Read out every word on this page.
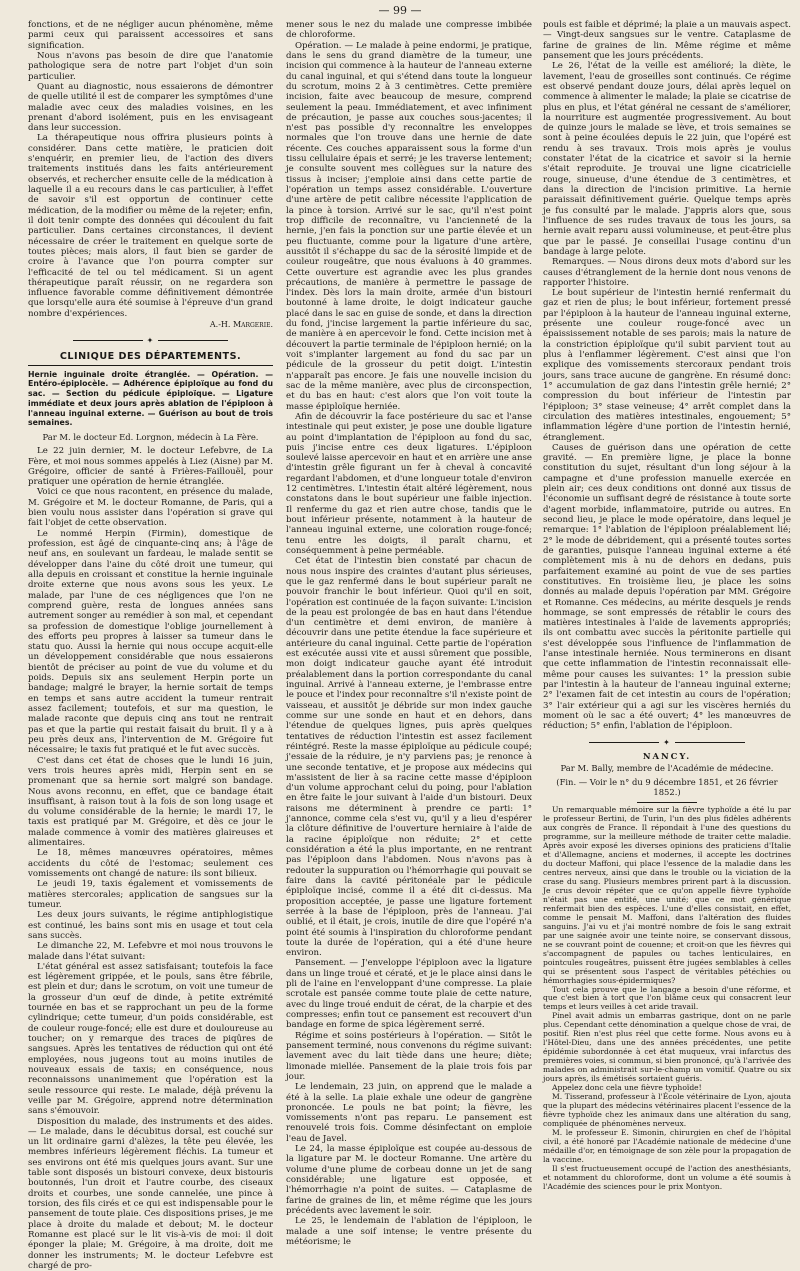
— 99 —

fonctions, et de ne négliger aucun phénomène, même parmi ceux qui paraissent accessoires et sans signification.

Nous n'avons pas besoin de dire que l'anatomie pathologique sera de notre part l'objet d'un soin particulier.

Quant au diagnostic, nous essaierons de démontrer de quelle utilité il est de comparer les symptômes d'une maladie avec ceux des maladies voisines, en les prenant d'abord isolément, puis en les envisageant dans leur succession.

La thérapeutique nous offrira plusieurs points à considérer. Dans cette matière, le praticien doit s'enquérir, en premier lieu, de l'action des divers traitements institués dans les faits antérieurement observés, et rechercher ensuite celle de la médication à laquelle il a eu recours dans le cas particulier, à l'effet de savoir s'il est opportun de continuer cette médication, de la modifier ou même de la rejeter; enfin, il doit tenir compte des données qui découlent du fait particulier. Dans certaines circonstances, il devient nécessaire de créer le traitement en quelque sorte de toutes pièces; mais alors, il faut bien se garder de croire à l'avance que l'on pourra compter sur l'efficacité de tel ou tel médicament. Si un agent thérapeutique paraît réussir, on ne regardera son influence favorable comme définitivement démontrée que lorsqu'elle aura été soumise à l'épreuve d'un grand nombre d'expériences.

A.-H. Margerie.
✦
CLINIQUE DES DÉPARTEMENTS.
Hernie inguinale droite étranglée. — Opération. — Entéro-épiplocèle. — Adhérence épiploïque au fond du sac. — Section du pédicule épiploïque. — Ligature immédiate et deux jours après ablation de l'épiploon à l'anneau inguinal externe. — Guérison au bout de trois semaines.
Par M. le docteur Ed. Lorgnon, médecin à La Fère.

Le 22 juin dernier, M. le docteur Lefebvre, de La Fère, et moi nous sommes appelés à Liez (Aisne) par M. Grégoire, officier de santé à Frières-Faillouël, pour pratiquer une opération de hernie étranglée.

Voici ce que nous racontent, en présence du malade, M. Grégoire et M. le docteur Romanne, de Paris, qui a bien voulu nous assister dans l'opération si grave qui fait l'objet de cette observation.

Le nommé Herpin (Firmin), domestique de profession, est âgé de cinquante-cinq ans; à l'âge de neuf ans, en soulevant un fardeau, le malade sentit se développer dans l'aine du côté droit une tumeur, qui alla depuis en croissant et constitue la hernie inguinale droite externe que nous avons sous les yeux. Le malade, par l'une de ces négligences que l'on ne comprend guère, resta de longues années sans autrement songer au remédier à son mal, et cependant sa profession de domestique l'oblige journellement à des efforts peu propres à laisser sa tumeur dans le statu quo. Aussi la hernie qui nous occupe acquit-elle un développement considérable que nous essaierons bientôt de préciser au point de vue du volume et du poids. Depuis six ans seulement Herpin porte un bandage; malgré le brayer, la hernie sortait de temps en temps et sans autre accident la tumeur rentrait assez facilement; toutefois, et sur ma question, le malade raconte que depuis cinq ans tout ne rentrait pas et que la partie qui restait faisait du bruit. Il y a à peu près deux ans, l'intervention de M. Grégoire fut nécessaire; le taxis fut pratiqué et le fut avec succès.

C'est dans cet état de choses que le lundi 16 juin, vers trois heures après midi, Herpin sent en se promenant que sa hernie sort malgré son bandage. Nous avons reconnu, en effet, que ce bandage était insuffisant, à raison tout à la fois de son long usage et du volume considérable de la hernie; le mardi 17, le taxis est pratiqué par M. Grégoire, et dès ce jour le malade commence à vomir des matières glaireuses et alimentaires.

Le 18, mêmes manœuvres opératoires, mêmes accidents du côté de l'estomac; seulement ces vomissements ont changé de nature: ils sont bilieux.

Le jeudi 19, taxis également et vomissements de matières stercorales; application de sangsues sur la tumeur.

Les deux jours suivants, le régime antiphlogistique est continué, les bains sont mis en usage et tout cela sans succès.

Le dimanche 22, M. Lefebvre et moi nous trouvons le malade dans l'état suivant:

L'état général est assez satisfaisant; toutefois la face est légèrement grippée, et le pouls, sans être fébrile, est plein et dur; dans le scrotum, on voit une tumeur de la grosseur d'un œuf de dinde, à petite extrémité tournée en bas et se rapprochant un peu de la forme cylindrique; cette tumeur, d'un poids considérable, est de couleur rouge-foncé; elle est dure et douloureuse au toucher; on y remarque des traces de piqûres de sangsues. Après les tentatives de réduction qui ont été employées, nous jugeons tout au moins inutiles de nouveaux essais de taxis; en conséquence, nous reconnaissons unanimement que l'opération est la seule ressource qui reste. Le malade, déjà prévenu la veille par M. Grégoire, apprend notre détermination sans s'émouvoir.

Disposition du malade, des instruments et des aides. — Le malade, dans le décubitus dorsal, est couché sur un lit ordinaire garni d'alèzes, la tête peu élevée, les membres inférieurs légèrement fléchis. La tumeur et ses environs ont été mis quelques jours avant. Sur une table sont disposés un bistouri convexe, deux bistouris boutonnés, l'un droit et l'autre courbe, des ciseaux droits et courbes, une sonde cannelée, une pince à torsion, des fils cirés et ce qui est indispensable pour le pansement de toute plaie. Ces dispositions prises, je me place à droite du malade et debout; M. le docteur Romanne est placé sur le lit vis-à-vis de moi: il doit éponger la plaie; M. Grégoire, à ma droite, doit me donner les instruments; M. le docteur Lefebvre est chargé de pro-

mener sous le nez du malade une compresse imbibée de chloroforme.

Opération. — Le malade à peine endormi, je pratique, dans le sens du grand diamètre de la tumeur, une incision qui commence à la hauteur de l'anneau externe du canal inguinal, et qui s'étend dans toute la longueur du scrotum, moins 2 à 3 centimètres. Cette première incision, faite avec beaucoup de mesure, comprend seulement la peau. Immédiatement, et avec infiniment de précaution, je passe aux couches sous-jacentes; il n'est pas possible d'y reconnaître les enveloppes normales que l'on trouve dans une hernie de date récente. Ces couches apparaissent sous la forme d'un tissu cellulaire épais et serré; je les traverse lentement; je consulte souvent mes collègues sur la nature des tissus à inciser; j'emploie ainsi dans cette partie de l'opération un temps assez considérable. L'ouverture d'une artère de petit calibre nécessite l'application de la pince à torsion. Arrivé sur le sac, qu'il n'est point trop difficile de reconnaître, vu l'ancienneté de la hernie, j'en fais la ponction sur une partie élevée et un peu fluctuante, comme pour la ligature d'une artère, aussitôt il s'échappe du sac de la sérosité limpide et de couleur rougeâtre, que nous évaluons à 40 grammes. Cette ouverture est agrandie avec les plus grandes précautions, de manière à permettre le passage de l'index. Dès lors la main droite, armée d'un bistouri boutonné à lame droite, le doigt indicateur gauche placé dans le sac en guise de sonde, et dans la direction du fond, j'incise largement la partie inférieure du sac, de manière à en apercevoir le fond. Cette incision met à découvert la partie terminale de l'épiploon hernié; on la voit s'implanter largement au fond du sac par un pédicule de la grosseur du petit doigt. L'intestin n'apparaît pas encore. Je fais une nouvelle incision du sac de la même manière, avec plus de circonspection, et du bas en haut: c'est alors que l'on voit toute la masse épiploïque herniée.

Afin de découvrir la face postérieure du sac et l'anse intestinale qui peut exister, je pose une double ligature au point d'implantation de l'épiploon au fond du sac, puis j'incise entre ces deux ligatures. L'épiploon soulevé laisse apercevoir en haut et en arrière une anse d'intestin grêle figurant un fer à cheval à concavité regardant l'abdomen, et d'une longueur totale d'environ 12 centimètres. L'intestin était altéré légèrement, nous constatons dans le bout supérieur une faible injection. Il renferme du gaz et rien autre chose, tandis que le bout inférieur présente, notamment à la hauteur de l'anneau inguinal externe, une coloration rouge-foncé; tenu entre les doigts, il paraît charnu, et conséquemment à peine perméable.

Cet état de l'intestin bien constaté par chacun de nous nous inspire des craintes d'autant plus sérieuses, que le gaz renfermé dans le bout supérieur paraît ne pouvoir franchir le bout inférieur. Quoi qu'il en soit, l'opération est continuée de la façon suivante: L'incision de la peau est prolongée de bas en haut dans l'étendue d'un centimètre et demi environ, de manière à découvrir dans une petite étendue la face supérieure et antérieure du canal inguinal. Cette partie de l'opération est exécutée aussi vite et aussi sûrement que possible, mon doigt indicateur gauche ayant été introduit préalablement dans la portion correspondante du canal inguinal. Arrivé à l'anneau externe, je l'embrasse entre le pouce et l'index pour reconnaître s'il n'existe point de vaisseau, et aussitôt je débride sur mon index gauche comme sur une sonde en haut et en dehors, dans l'étendue de quelques lignes, puis après quelques tentatives de réduction l'intestin est assez facilement réintégré. Reste la masse épiploïque au pédicule coupé; j'essaie de la réduire, je n'y parviens pas; je renonce à une seconde tentative, et je propose aux médecins qui m'assistent de lier à sa racine cette masse d'épiploon d'un volume approchant celui du poing, pour l'ablation en être faite le jour suivant à l'aide d'un bistouri. Deux raisons me déterminent à prendre ce parti: 1° j'annonce, comme cela s'est vu, qu'il y a lieu d'espérer la clôture définitive de l'ouverture herniaire à l'aide de la racine épiploïque non réduite; 2° et cette considération a été la plus importante, en ne rentrant pas l'épiploon dans l'abdomen. Nous n'avons pas à redouter la suppuration ou l'hémorrhagie qui pouvait se faire dans la cavité péritonéale par le pédicule épiploïque incisé, comme il a été dit ci-dessus. Ma proposition acceptée, je passe une ligature fortement serrée à la base de l'épiploon, près de l'anneau. J'ai oublié, et il était, je crois, inutile de dire que l'opéré n'a point été soumis à l'inspiration du chloroforme pendant toute la durée de l'opération, qui a été d'une heure environ.

Pansement. — J'enveloppe l'épiploon avec la ligature dans un linge troué et cératé, et je le place ainsi dans le pli de l'aine en l'enveloppant d'une compresse. La plaie scrotale est pansée comme toute plaie de cette nature, avec du linge troué enduit de cérat, de la charpie et des compresses; enfin tout ce pansement est recouvert d'un bandage en forme de spica légèrement serré.

Régime et soins postérieurs à l'opération. — Sitôt le pansement terminé, nous convenons du régime suivant: lavement avec du lait tiède dans une heure; diète; limonade miellée. Pansement de la plaie trois fois par jour.

Le lendemain, 23 juin, on apprend que le malade a été à la selle. La plaie exhale une odeur de gangrène prononcée. Le pouls ne bat point; la fièvre, les vomissements n'ont pas reparu. Le pansement est renouvelé trois fois. Comme désinfectant on emploie l'eau de Javel.

Le 24, la masse épiploïque est coupée au-dessous de la ligature par M. le docteur Romanne. Une artère du volume d'une plume de corbeau donne un jet de sang considérable; une ligature est opposée, et l'hémorrhagie n'a point de suites. — Cataplasme de farine de graines de lin, et même régime que les jours précédents avec lavement le soir.

Le 25, le lendemain de l'ablation de l'épiploon, le malade a une soif intense; le ventre présente du météorisme; le

pouls est faible et déprimé; la plaie a un mauvais aspect. — Vingt-deux sangsues sur le ventre. Cataplasme de farine de graines de lin. Même régime et même pansement que les jours précédents.

Le 26, l'état de la veille est amélioré; la diète, le lavement, l'eau de groseilles sont continués. Ce régime est observé pendant douze jours, délai après lequel on commence à alimenter le malade; la plaie se cicatrise de plus en plus, et l'état général ne cessant de s'améliorer, la nourriture est augmentée progressivement. Au bout de quinze jours le malade se lève, et trois semaines se sont à peine écoulées depuis le 22 juin, que l'opéré est rendu à ses travaux. Trois mois après je voulus constater l'état de la cicatrice et savoir si la hernie s'était reproduite. Je trouvai une ligne cicatricielle rouge, sinueuse, d'une étendue de 3 centimètres, et dans la direction de l'incision primitive. La hernie paraissait définitivement guérie. Quelque temps après je fus consulté par le malade. J'appris alors que, sous l'influence de ses rudes travaux de tous les jours, sa hernie avait reparu aussi volumineuse, et peut-être plus que par le passé. Je conseillai l'usage continu d'un bandage à large pelote.

Remarques. — Nous dirons deux mots d'abord sur les causes d'étranglement de la hernie dont nous venons de rapporter l'histoire.

Le bout supérieur de l'intestin hernié renfermait du gaz et rien de plus; le bout inférieur, fortement pressé par l'épiploon à la hauteur de l'anneau inguinal externe, présente une couleur rouge-foncé avec un épaississement notable de ses parois; mais la nature de la constriction épiploïque qu'il subit parvient tout au plus à l'enflammer légèrement. C'est ainsi que l'on explique des vomissements stercoraux pendant trois jours, sans trace aucune de gangrène. En résumé donc: 1° accumulation de gaz dans l'intestin grêle hernié; 2° compression du bout inférieur de l'intestin par l'épiploon; 3° stase veineuse; 4° arrêt complet dans la circulation des matières intestinales, engouement; 5° inflammation légère d'une portion de l'intestin hernié, étranglement.

Causes de guérison dans une opération de cette gravité. — En première ligne, je place la bonne constitution du sujet, résultant d'un long séjour à la campagne et d'une profession manuelle exercée en plein air; ces deux conditions ont donné aux tissus de l'économie un suffisant degré de résistance à toute sorte d'agent morbide, inflammatoire, putride ou autres. En second lieu, je place le mode opératoire, dans lequel je remarque: 1° l'ablation de l'épiploon préalablement lié; 2° le mode de débridement, qui a présenté toutes sortes de garanties, puisque l'anneau inguinal externe a été complètement mis à nu de dehors en dedans, puis parfaitement examiné au point de vue de ses parties constitutives. En troisième lieu, je place les soins donnés au malade depuis l'opération par MM. Grégoire et Romanne. Ces médecins, au mérite desquels je rends hommage, se sont empressés de rétablir le cours des matières intestinales à l'aide de lavements appropriés; ils ont combattu avec succès la péritonite partielle qui s'est développée sous l'influence de l'inflammation de l'anse intestinale herniée. Nous terminerons en disant que cette inflammation de l'intestin reconnaissait elle-même pour causes les suivantes: 1° la pression subie par l'intestin à la hauteur de l'anneau inguinal externe; 2° l'examen fait de cet intestin au cours de l'opération; 3° l'air extérieur qui a agi sur les viscères herniés du moment où le sac a été ouvert; 4° les manœuvres de réduction; 5° enfin, l'ablation de l'épiploon.

✦
NANCY.
Par M. Bally, membre de l'Académie de médecine.
(Fin. — Voir le n° du 9 décembre 1851, et 26 février 1852.)

Un remarquable mémoire sur la fièvre typhoïde a été lu par le professeur Bertini, de Turin, l'un des plus fidèles adhérents aux congrès de France. Il répondait à l'une des questions du programme, sur la meilleure méthode de traiter cette maladie. Après avoir exposé les diverses opinions des praticiens d'Italie et d'Allemagne, anciens et modernes, il accepte les doctrines du docteur Maffoni, qui place l'essence de la maladie dans les centres nerveux, ainsi que dans le trouble ou la viciation de la crase du sang. Plusieurs membres prirent part à la discussion. Je crus devoir répéter que ce qu'on appelle fièvre typhoïde n'était pas une entité, une unité; que ce mot générique renfermait bien des espèces. L'une d'elles consistait, en effet, comme le pensait M. Maffoni, dans l'altération des fluides sanguins. J'ai vu et j'ai montré nombre de fois le sang extrait par une saignée avoir une teinte noire, se conservant dissous, ne se couvrant point de couenne; et croit-on que les fièvres qui s'accompagnent de papules ou taches lenticulaires, en pointcules rougeâtres, puissent être jugées semblables à celles qui se présentent sous l'aspect de véritables pétéchies ou hémorrhagies sous-épidermiques?

Tout cela prouve que le langage a besoin d'une réforme, et que c'est bien à tort que l'on blâme ceux qui consacrent leur temps et leurs veilles à cet aride travail.

Pinel avait admis un embarras gastrique, dont on ne parle plus. Cependant cette dénomination a quelque chose de vrai, de positif. Rien n'est plus réel que cette forme. Nous avons eu à l'Hôtel-Dieu, dans une des années précédentes, une petite épidémie subordonnée à cet état muqueux, vrai infarctus des premières voies, si commun, si bien prononcé, qu'à l'arrivée des malades on administrait sur-le-champ un vomitif. Quatre ou six jours après, ils émétisés sortaient guéris.

Appelez donc cela une fièvre typhoïde!

M. Tisserand, professeur à l'École vétérinaire de Lyon, ajouta que la plupart des médecins vétérinaires placent l'essence de la fièvre typhoïde chez les animaux dans une altération du sang, compliquée de phénomènes nerveux.

M. le professeur E. Simonin, chirurgien en chef de l'hôpital civil, a été honoré par l'Académie nationale de médecine d'une médaille d'or, en témoignage de son zèle pour la propagation de la vaccine.

Il s'est fructueusement occupé de l'action des anesthésiants, et notamment du chloroforme, dont un volume a été soumis à l'Académie des sciences pour le prix Montyon.
